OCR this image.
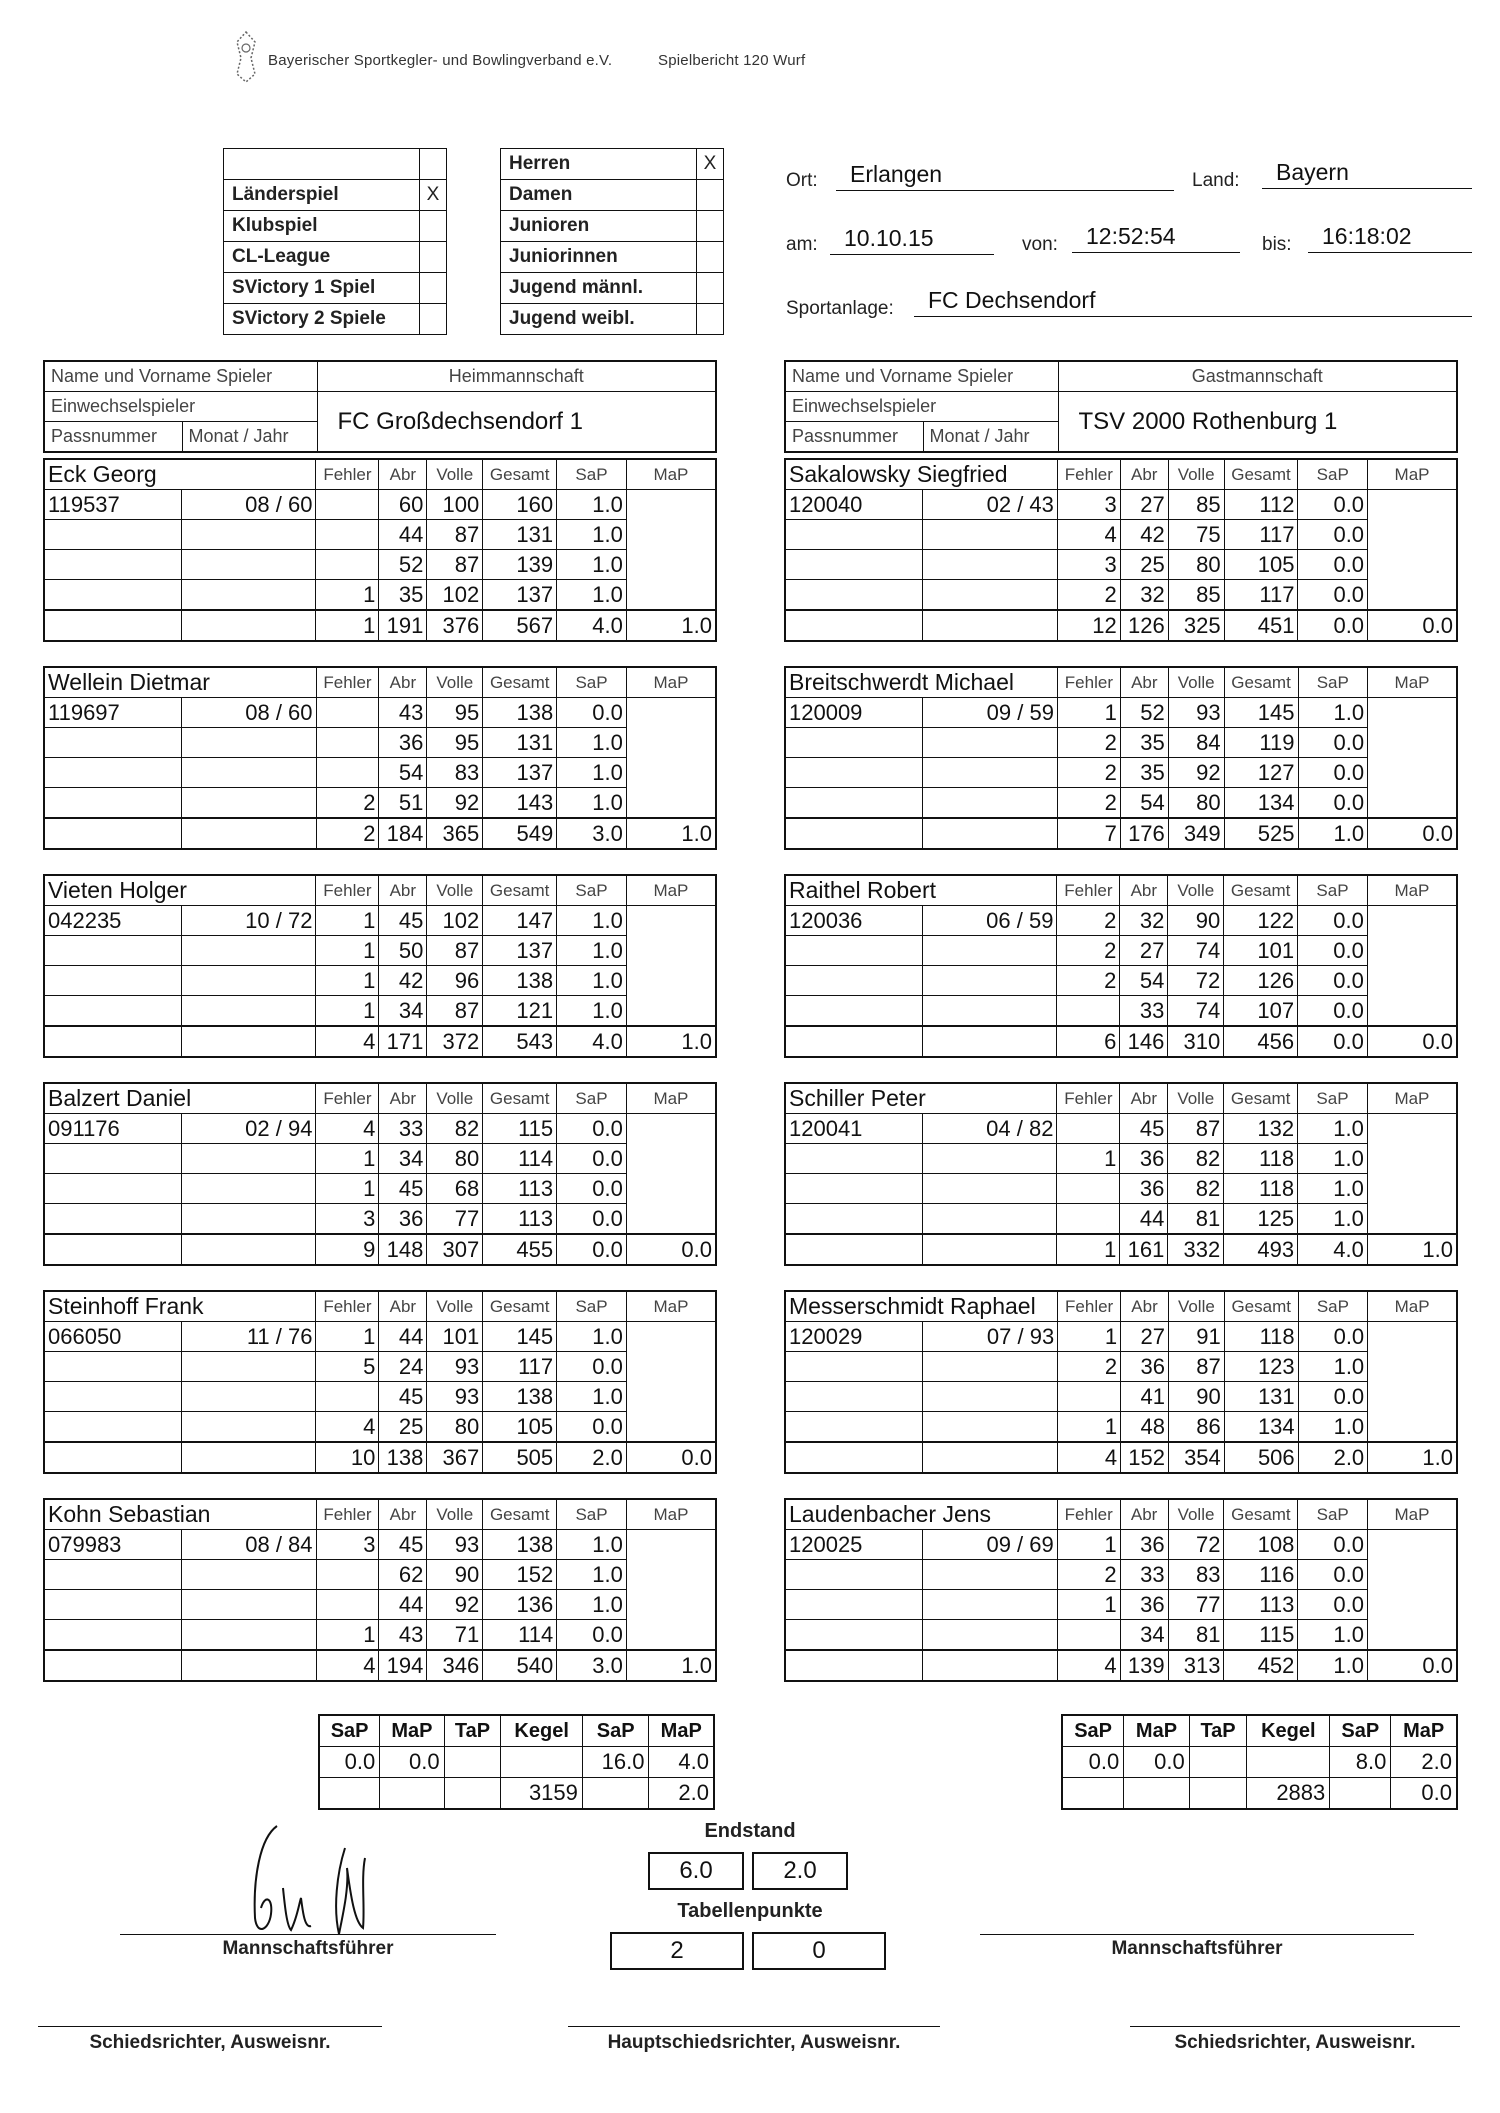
Bayerischer Sportkegler- und Bowlingverband e.V.	Spielbericht 120 Wurf

Länderspiel	X
Klubspiel	
CL-League	
SVictory 1 Spiel	
SVictory 2 Spiele	
Herren	X
Damen	
Junioren	
Juniorinnen	
Jugend männl.	
Jugend weibl.	
Ort:	Erlangen	Land:	Bayern
am:	10.10.15	von:	12:52:54	bis:	16:18:02
Sportanlage:	FC Dechsendorf
Name und Vorname Spieler		Heimmannschaft
Einwechselspieler		FC Großdechsendorf 1
Passnummer	Monat / Jahr	
Name und Vorname Spieler		Gastmannschaft
Einwechselspieler		TSV 2000 Rothenburg 1
Passnummer	Monat / Jahr	
Eck Georg		Fehler	Abr	Volle	Gesamt	SaP	MaP
119537	08 / 60		60	100	160	1.0	
			44	87	131	1.0	
			52	87	139	1.0	
		1	35	102	137	1.0	
		1	191	376	567	4.0	1.0
Wellein Dietmar		Fehler	Abr	Volle	Gesamt	SaP	MaP
119697	08 / 60		43	95	138	0.0	
			36	95	131	1.0	
			54	83	137	1.0	
		2	51	92	143	1.0	
		2	184	365	549	3.0	1.0
Vieten Holger		Fehler	Abr	Volle	Gesamt	SaP	MaP
042235	10 / 72	1	45	102	147	1.0	
		1	50	87	137	1.0	
		1	42	96	138	1.0	
		1	34	87	121	1.0	
		4	171	372	543	4.0	1.0
Balzert Daniel		Fehler	Abr	Volle	Gesamt	SaP	MaP
091176	02 / 94	4	33	82	115	0.0	
		1	34	80	114	0.0	
		1	45	68	113	0.0	
		3	36	77	113	0.0	
		9	148	307	455	0.0	0.0
Steinhoff Frank		Fehler	Abr	Volle	Gesamt	SaP	MaP
066050	11 / 76	1	44	101	145	1.0	
		5	24	93	117	0.0	
			45	93	138	1.0	
		4	25	80	105	0.0	
		10	138	367	505	2.0	0.0
Kohn Sebastian		Fehler	Abr	Volle	Gesamt	SaP	MaP
079983	08 / 84	3	45	93	138	1.0	
			62	90	152	1.0	
			44	92	136	1.0	
		1	43	71	114	0.0	
		4	194	346	540	3.0	1.0
Sakalowsky Siegfried		Fehler	Abr	Volle	Gesamt	SaP	MaP
120040	02 / 43	3	27	85	112	0.0	
		4	42	75	117	0.0	
		3	25	80	105	0.0	
		2	32	85	117	0.0	
		12	126	325	451	0.0	0.0
Breitschwerdt Michael		Fehler	Abr	Volle	Gesamt	SaP	MaP
120009	09 / 59	1	52	93	145	1.0	
		2	35	84	119	0.0	
		2	35	92	127	0.0	
		2	54	80	134	0.0	
		7	176	349	525	1.0	0.0
Raithel Robert		Fehler	Abr	Volle	Gesamt	SaP	MaP
120036	06 / 59	2	32	90	122	0.0	
		2	27	74	101	0.0	
		2	54	72	126	0.0	
			33	74	107	0.0	
		6	146	310	456	0.0	0.0
Schiller Peter		Fehler	Abr	Volle	Gesamt	SaP	MaP
120041	04 / 82		45	87	132	1.0	
		1	36	82	118	1.0	
			36	82	118	1.0	
			44	81	125	1.0	
		1	161	332	493	4.0	1.0
Messerschmidt Raphael		Fehler	Abr	Volle	Gesamt	SaP	MaP
120029	07 / 93	1	27	91	118	0.0	
		2	36	87	123	1.0	
			41	90	131	0.0	
		1	48	86	134	1.0	
		4	152	354	506	2.0	1.0
Laudenbacher Jens		Fehler	Abr	Volle	Gesamt	SaP	MaP
120025	09 / 69	1	36	72	108	0.0	
		2	33	83	116	0.0	
		1	36	77	113	0.0	
			34	81	115	1.0	
		4	139	313	452	1.0	0.0
SaP	MaP	TaP	Kegel	SaP	MaP
0.0	0.0			16.0	4.0
			3159		2.0
SaP	MaP	TaP	Kegel	SaP	MaP
0.0	0.0			8.0	2.0
			2883		0.0
Endstand
6.0	2.0
Tabellenpunkte
2	0
Mannschaftsführer	Mannschaftsführer
Schiedsrichter, Ausweisnr.	Hauptschiedsrichter, Ausweisnr.	Schiedsrichter, Ausweisnr.
